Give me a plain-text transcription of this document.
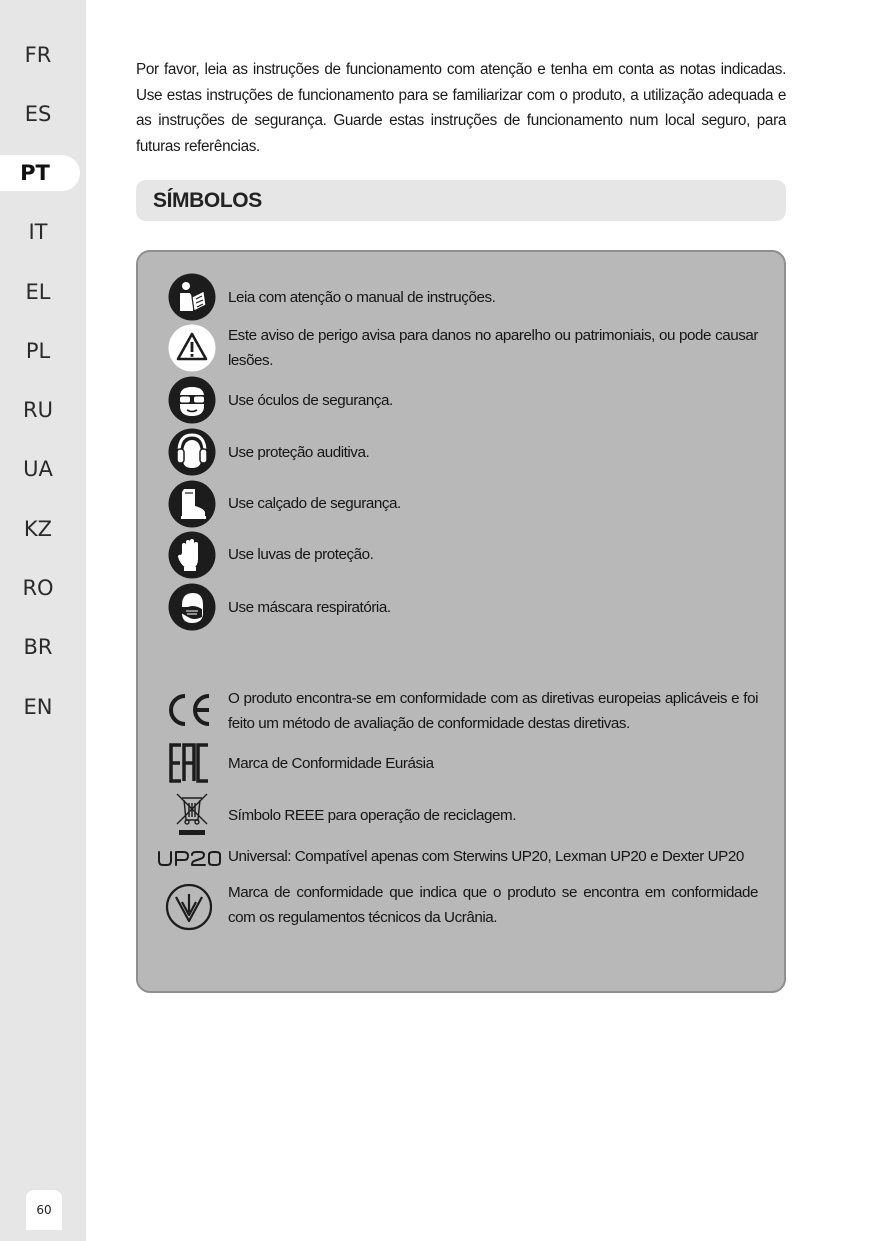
FR
ES
PT
IT
EL
PL
RU
UA
KZ
RO
BR
EN
60
Por favor, leia as instruções de funcionamento com atenção e tenha em conta as notas indicadas. Use estas instruções de funcionamento para se familiarizar com o produto, a utilização adequada e as instruções de segurança. Guarde estas instruções de funcionamento num local seguro, para futuras referências.
SÍMBOLOS
Leia com atenção o manual de instruções.
Este aviso de perigo avisa para danos no aparelho ou patrimoniais, ou pode causar lesões.
Use óculos de segurança.
Use proteção auditiva.
Use calçado de segurança.
Use luvas de proteção.
Use máscara respiratória.
O produto encontra-se em conformidade com as diretivas europeias aplicáveis e foi feito um método de avaliação de conformidade destas diretivas.
Marca de Conformidade Eurásia
Símbolo REEE para operação de reciclagem.
Universal: Compatível apenas com Sterwins UP20, Lexman UP20 e Dexter UP20
Marca de conformidade que indica que o produto se encontra em conformidade com os regulamentos técnicos da Ucrânia.
